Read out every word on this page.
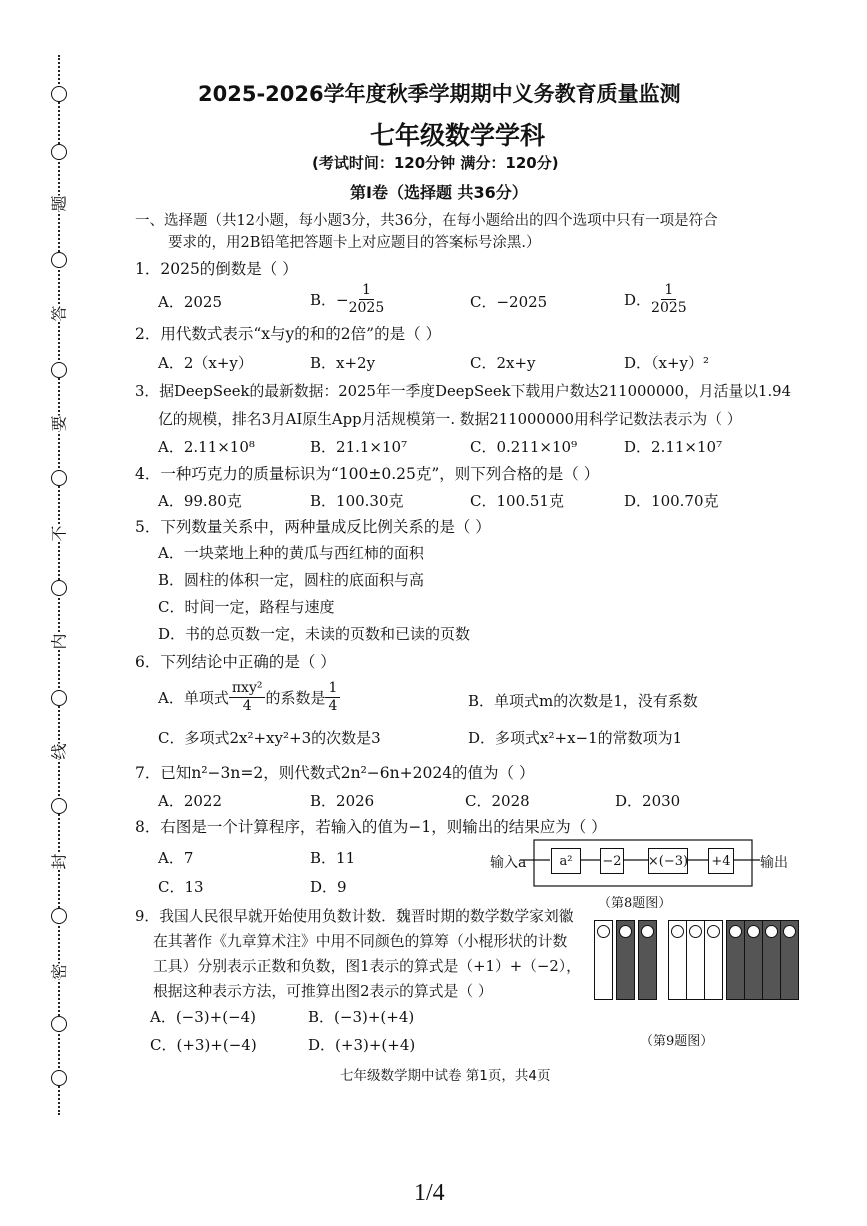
题
答
要
不
内
线
封
密
2025-2026学年度秋季学期期中义务教育质量监测
七年级数学学科
(考试时间：120分钟 满分：120分)
第Ⅰ卷（选择题 共36分）
一、选择题（共12小题，每小题3分，共36分，在每小题给出的四个选项中只有一项是符合
要求的，用2B铅笔把答题卡上对应题目的答案标号涂黑.）
1．2025的倒数是（ ）
A．2025	B．− $\frac{1}{2025}$	C．−2025	D． $\frac{1}{2025}$
2．用代数式表示“x与y的和的2倍”的是（ ）
A．2（x+y）	B．x+2y	C．2x+y	D．（x+y）²
3．据DeepSeek的最新数据：2025年一季度DeepSeek下载用户数达211000000，月活量以1.94
亿的规模，排名3月AI原生App月活规模第一. 数据211000000用科学记数法表示为（ ）
A．2.11×10⁸	B．21.1×10⁷	C．0.211×10⁹	D．2.11×10⁷
4．一种巧克力的质量标识为“100±0.25克”，则下列合格的是（ ）
A．99.80克	B．100.30克	C．100.51克	D．100.70克
5．下列数量关系中，两种量成反比例关系的是（ ）
A．一块菜地上种的黄瓜与西红柿的面积
B．圆柱的体积一定，圆柱的底面积与高
C．时间一定，路程与速度
D．书的总页数一定，未读的页数和已读的页数
6．下列结论中正确的是（ ）
A．单项式 $\frac{\text{πxy²}}{4}$ 的系数是 $\frac{1}{4}$	B．单项式m的次数是1，没有系数
C．多项式2x²+xy²+3的次数是3	D．多项式x²+x−1的常数项为1
7．已知n²−3n=2，则代数式2n²−6n+2024的值为（ ）
A．2022	B．2026	C．2028	D．2030
8．右图是一个计算程序，若输入的值为−1，则输出的结果应为（ ）
A．7	B．11
C．13	D．9
输入a	a²	−2 ×(−3) +4 输出
（第8题图）
9．我国人民很早就开始使用负数计数．魏晋时期的数学数学家刘徽
在其著作《九章算术注》中用不同颜色的算筹（小棍形状的计数
工具）分别表示正数和负数，图1表示的算式是（+1）+（−2），
根据这种表示方法，可推算出图2表示的算式是（ ）
A．(−3)+(−4)	B．(−3)+(+4)
C．(+3)+(−4)	D．(+3)+(+4)	（第9题图）
七年级数学期中试卷 第1页，共4页
1/4
